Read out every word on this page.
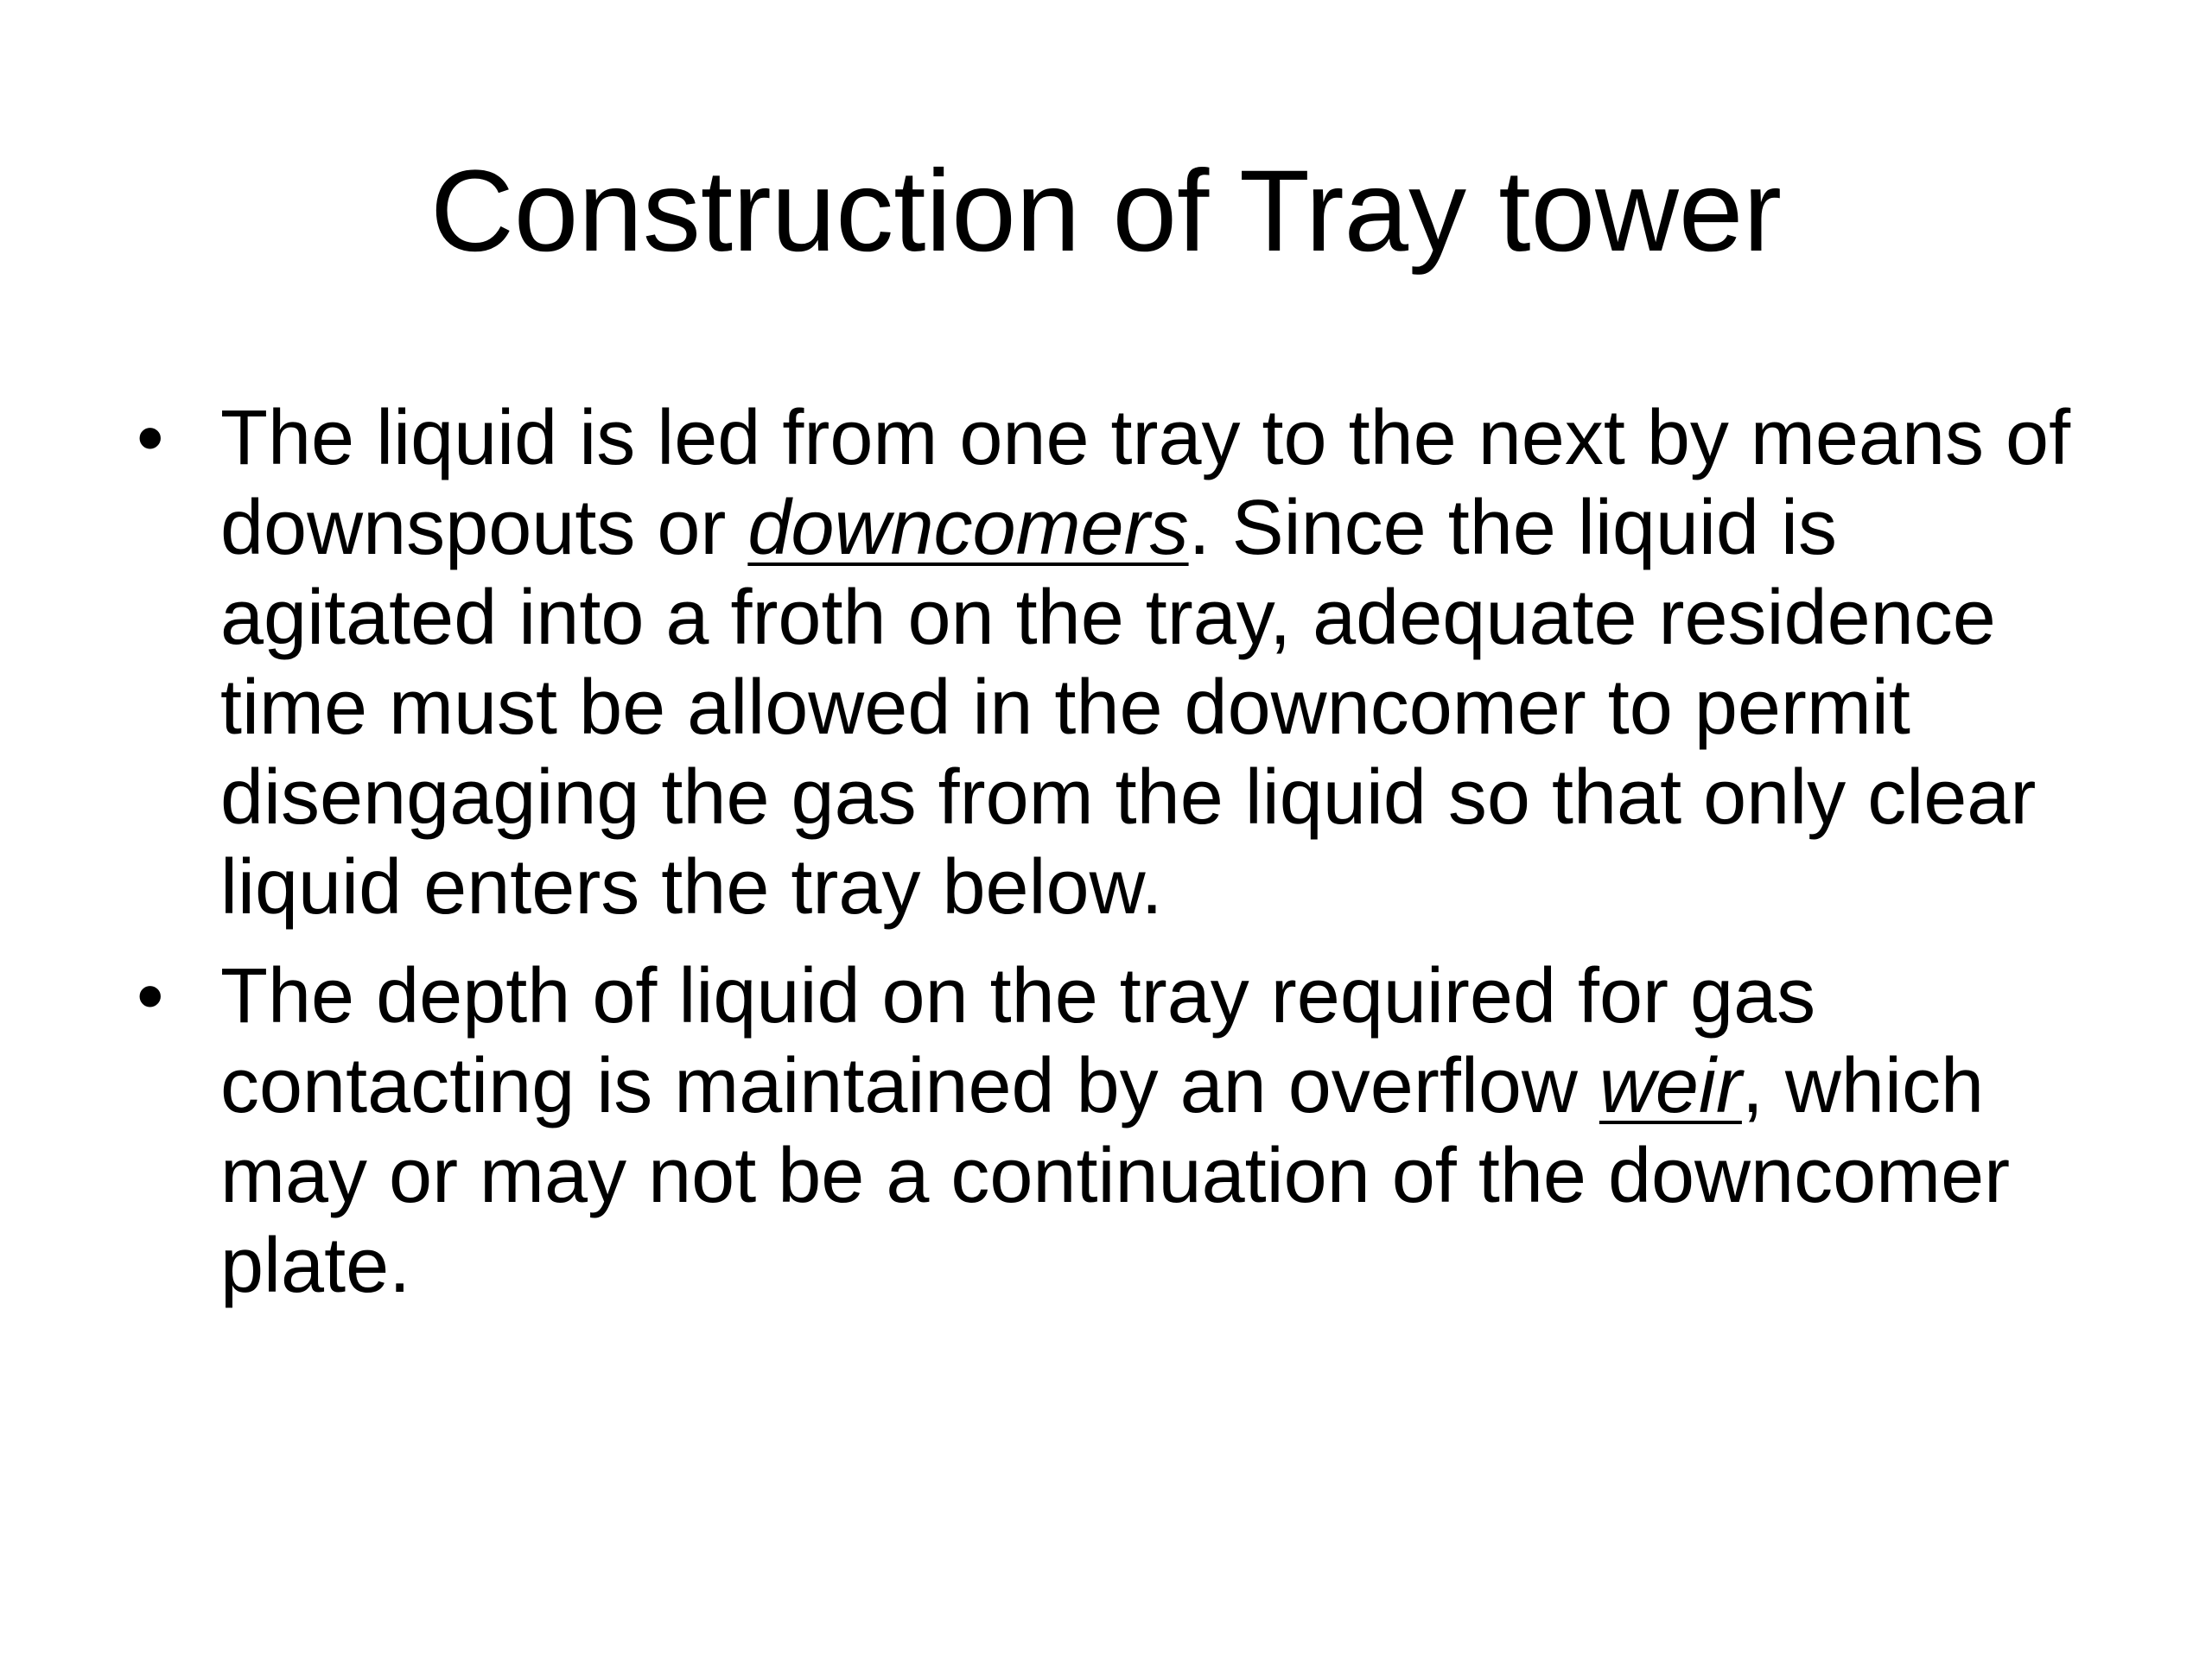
Construction of Tray tower
• The liquid is led from one tray to the next by means of downspouts or downcomers. Since the liquid is agitated into a froth on the tray, adequate residence time must be allowed in the downcomer to permit disengaging the gas from the liquid so that only clear liquid enters the tray below.
• The depth of liquid on the tray required for gas contacting is maintained by an overflow weir, which may or may not be a continuation of the downcomer plate.
